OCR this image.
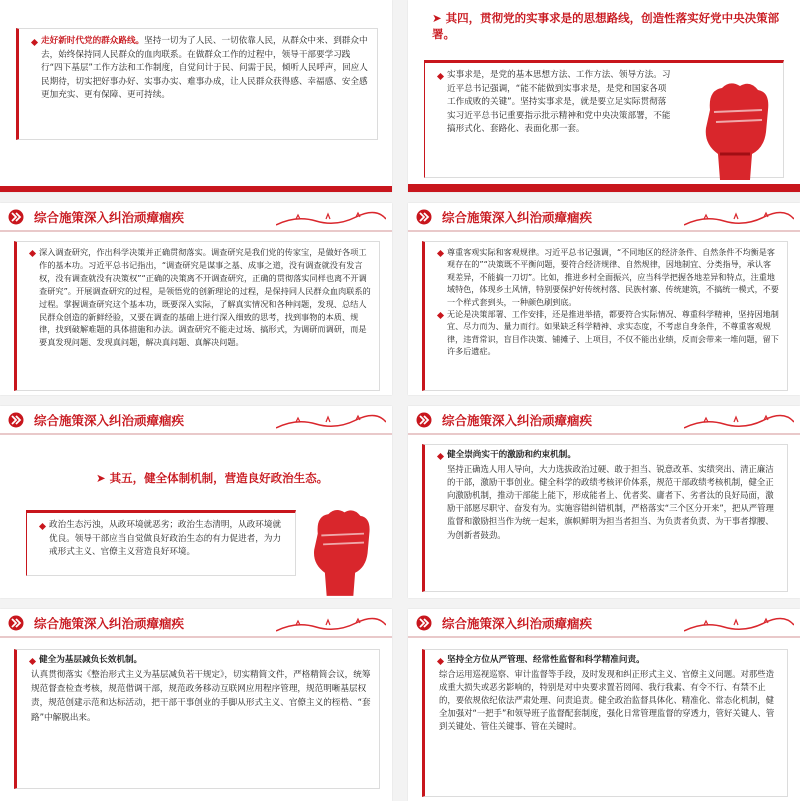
走好新时代党的群众路线。坚持一切为了人民、一切依靠人民，从群众中来、到群众中去，始终保持同人民群众的血肉联系。在做群众工作的过程中，领导干部要学习践行“四下基层”工作方法和工作制度，自觉问计于民、问需于民，倾听人民呼声，回应人民期待，切实把好事办好、实事办实、难事办成，让人民群众获得感、幸福感、安全感更加充实、更有保障、更可持续。

➤ 其四，贯彻党的实事求是的思想路线，创造性落实好党中央决策部署。

实事求是，是党的基本思想方法、工作方法、领导方法。习近平总书记强调，“能不能做到实事求是，是党和国家各项工作成败的关键”。坚持实事求是，就是要立足实际贯彻落实习近平总书记重要指示批示精神和党中央决策部署，不能搞形式化、套路化、表面化那一套。

综合施策深入纠治顽瘴痼疾

深入调查研究，作出科学决策并正确贯彻落实。调查研究是我们党的传家宝，是做好各项工作的基本功。习近平总书记指出，“调查研究是谋事之基、成事之道，没有调查就没有发言权，没有调查就没有决策权”“正确的决策离不开调查研究，正确的贯彻落实同样也离不开调查研究”。开展调查研究的过程，是领悟党的创新理论的过程，是保持同人民群众血肉联系的过程。掌握调查研究这个基本功，既要深入实际，了解真实情况和各种问题，发现、总结人民群众创造的新鲜经验，又要在调查的基础上进行深入细致的思考，找到事物的本质、规律，找到破解难题的具体措施和办法。调查研究不能走过场、搞形式，为调研而调研，而是要真发现问题、发现真问题，解决真问题、真解决问题。

综合施策深入纠治顽瘴痼疾

尊重客观实际和客观规律。习近平总书记强调，“不同地区的经济条件、自然条件不均衡是客观存在的”“决策既不平衡问题，要符合经济规律、自然规律，因地制宜、分类指导，承认客观差异，不能搞一刀切”。比如，推进乡村全面振兴，应当科学把握各地差异和特点，注重地域特色，体现乡土风情，特别要保护好传统村落、民族村寨、传统建筑，不搞统一模式，不要一个样式套到头，一种颜色刷到底。

无论是决策部署、工作安排，还是推进举措，都要符合实际情况、尊重科学精神，坚持因地制宜、尽力而为、量力而行。如果缺乏科学精神、求实态度，不考虑自身条件，不尊重客观规律，违背常识，盲目作决策、铺摊子、上项目，不仅不能出业绩，反而会带来一堆问题，留下许多后遗症。

综合施策深入纠治顽瘴痼疾
➤ 其五，健全体制机制，营造良好政治生态。

政治生态污浊，从政环境就恶劣；政治生态清明，从政环境就优良。领导干部应当自觉做良好政治生态的有力促进者，为力戒形式主义、官僚主义营造良好环境。

综合施策深入纠治顽瘴痼疾

健全崇尚实干的激励和约束机制。

坚持正确选人用人导向，大力选拔政治过硬、敢于担当、锐意改革、实绩突出、清正廉洁的干部，激励干事创业。健全科学的政绩考核评价体系，规范干部政绩考核机制，健全正向激励机制，推动干部能上能下，形成能者上、优者奖、庸者下、劣者汰的良好局面，激励干部愿尽职守、奋发有为。实施容错纠错机制，严格落实“三个区分开来”，把从严管理监督和激励担当作为统一起来，旗帜鲜明为担当者担当、为负责者负责、为干事者撑腰、为创新者鼓劲。

综合施策深入纠治顽瘴痼疾

健全为基层减负长效机制。

认真贯彻落实《整治形式主义为基层减负若干规定》，切实精简文件，严格精简会议，统筹规范督查检查考核，规范借调干部，规范政务移动互联网应用程序管理，规范明晰基层权责，规范创建示范和达标活动，把干部干事创业的手脚从形式主义、官僚主义的桎梏、“套路”中解脱出来。

综合施策深入纠治顽瘴痼疾

坚持全方位从严管理、经常性监督和科学精准问责。

综合运用巡视巡察、审计监督等手段，及时发现和纠正形式主义、官僚主义问题。对那些造成重大损失或恶劣影响的，特别是对中央要求置若罔闻、我行我素、有令不行、有禁不止的，要依规依纪依法严肃处理、问责追责。健全政治监督具体化、精准化、常态化机制，健全加强对“一把手”和领导班子监督配套制度，强化日常管理监督的穿透力，管好关键人、管到关键处、管住关键事、管在关键时。
